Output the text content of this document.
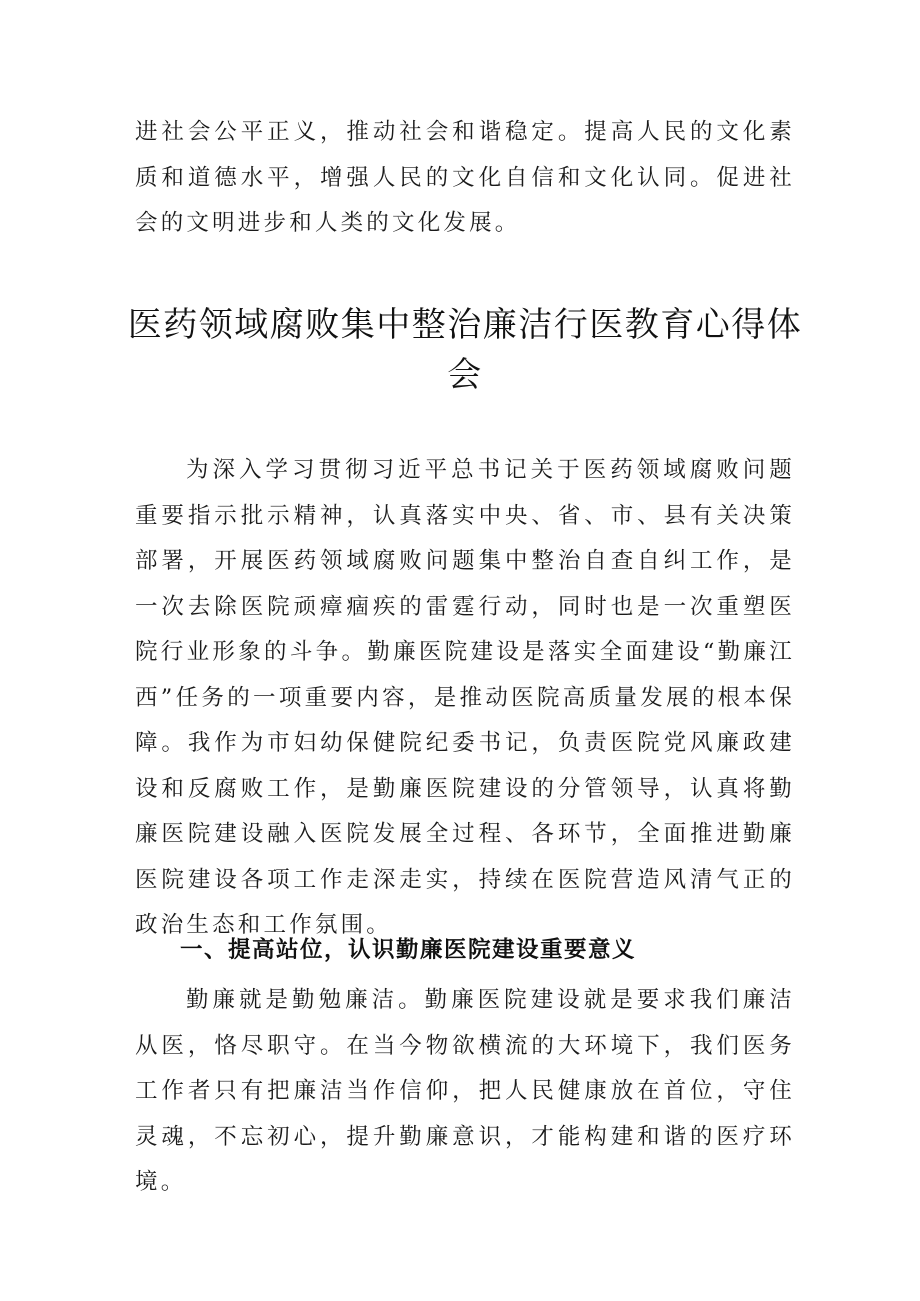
进社会公平正义，推动社会和谐稳定。提高人民的文化素质和道德水平，增强人民的文化自信和文化认同。促进社会的文明进步和人类的文化发展。

医药领域腐败集中整治廉洁行医教育心得体会

为深入学习贯彻习近平总书记关于医药领域腐败问题重要指示批示精神，认真落实中央、省、市、县有关决策部署，开展医药领域腐败问题集中整治自查自纠工作，是一次去除医院顽瘴痼疾的雷霆行动，同时也是一次重塑医院行业形象的斗争。勤廉医院建设是落实全面建设“勤廉江西”任务的一项重要内容，是推动医院高质量发展的根本保障。我作为市妇幼保健院纪委书记，负责医院党风廉政建设和反腐败工作，是勤廉医院建设的分管领导，认真将勤廉医院建设融入医院发展全过程、各环节，全面推进勤廉医院建设各项工作走深走实，持续在医院营造风清气正的政治生态和工作氛围。

一、提高站位，认识勤廉医院建设重要意义

勤廉就是勤勉廉洁。勤廉医院建设就是要求我们廉洁从医，恪尽职守。在当今物欲横流的大环境下，我们医务工作者只有把廉洁当作信仰，把人民健康放在首位，守住灵魂，不忘初心，提升勤廉意识，才能构建和谐的医疗环境。
